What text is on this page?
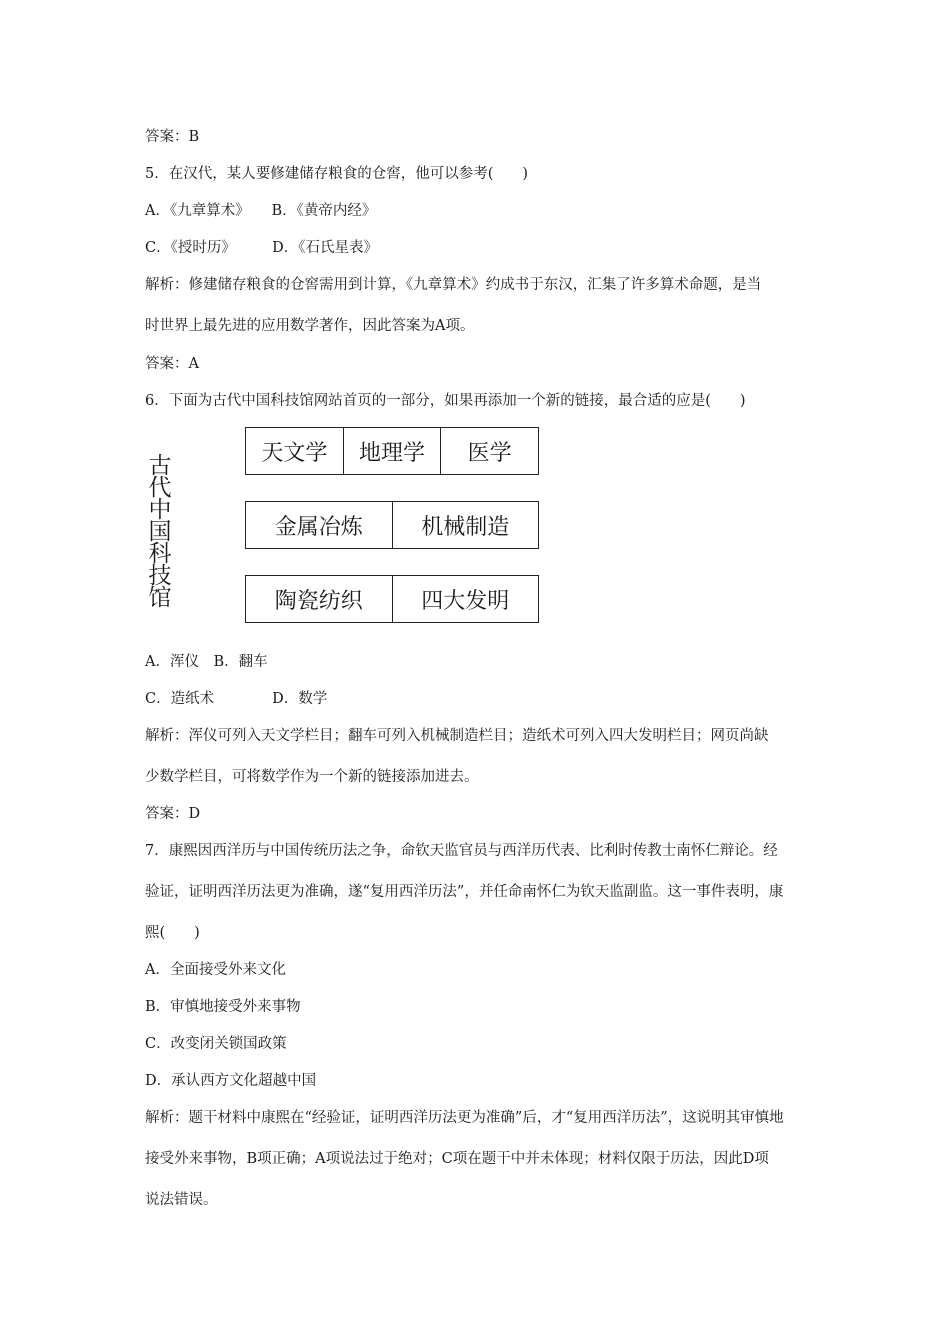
答案：B
5．在汉代，某人要修建储存粮食的仓窖，他可以参考(　　)
A．《九章算术》　　B．《黄帝内经》
C．《授时历》　　　D．《石氏星表》
解析：修建储存粮食的仓窖需用到计算，《九章算术》约成书于东汉，汇集了许多算术命题，是当
时世界上最先进的应用数学著作，因此答案为A项。
答案：A
6．下面为古代中国科技馆网站首页的一部分，如果再添加一个新的链接，最合适的应是(　　)
古代中国科技馆
天文学	地理学	医学
金属冶炼	机械制造
陶瓷纺织	四大发明
A．浑仪　B．翻车
C．造纸术　　　　D．数学
解析：浑仪可列入天文学栏目；翻车可列入机械制造栏目；造纸术可列入四大发明栏目；网页尚缺
少数学栏目，可将数学作为一个新的链接添加进去。
答案：D
7．康熙因西洋历与中国传统历法之争，命钦天监官员与西洋历代表、比利时传教士南怀仁辩论。经
验证，证明西洋历法更为准确，遂“复用西洋历法”，并任命南怀仁为钦天监副监。这一事件表明，康
熙(　　)
A．全面接受外来文化
B．审慎地接受外来事物
C．改变闭关锁国政策
D．承认西方文化超越中国
解析：题干材料中康熙在“经验证，证明西洋历法更为准确”后，才“复用西洋历法”，这说明其审慎地
接受外来事物，B项正确；A项说法过于绝对；C项在题干中并未体现；材料仅限于历法，因此D项
说法错误。
